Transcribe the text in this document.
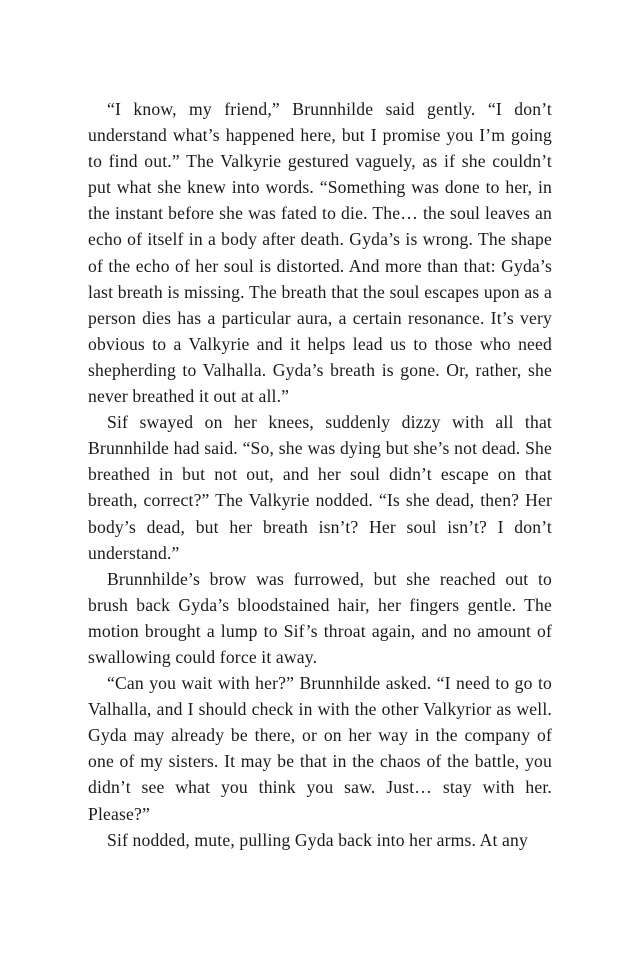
“I know, my friend,” Brunnhilde said gently. “I don’t understand what’s happened here, but I promise you I’m going to find out.” The Valkyrie gestured vaguely, as if she couldn’t put what she knew into words. “Something was done to her, in the instant before she was fated to die. The… the soul leaves an echo of itself in a body after death. Gyda’s is wrong. The shape of the echo of her soul is distorted. And more than that: Gyda’s last breath is missing. The breath that the soul escapes upon as a person dies has a particular aura, a certain resonance. It’s very obvious to a Valkyrie and it helps lead us to those who need shepherding to Valhalla. Gyda’s breath is gone. Or, rather, she never breathed it out at all.”

Sif swayed on her knees, suddenly dizzy with all that Brunnhilde had said. “So, she was dying but she’s not dead. She breathed in but not out, and her soul didn’t escape on that breath, correct?” The Valkyrie nodded. “Is she dead, then? Her body’s dead, but her breath isn’t? Her soul isn’t? I don’t understand.”

Brunnhilde’s brow was furrowed, but she reached out to brush back Gyda’s bloodstained hair, her fingers gentle. The motion brought a lump to Sif’s throat again, and no amount of swallowing could force it away.

“Can you wait with her?” Brunnhilde asked. “I need to go to Valhalla, and I should check in with the other Valkyrior as well. Gyda may already be there, or on her way in the company of one of my sisters. It may be that in the chaos of the battle, you didn’t see what you think you saw. Just… stay with her. Please?”

Sif nodded, mute, pulling Gyda back into her arms. At any
